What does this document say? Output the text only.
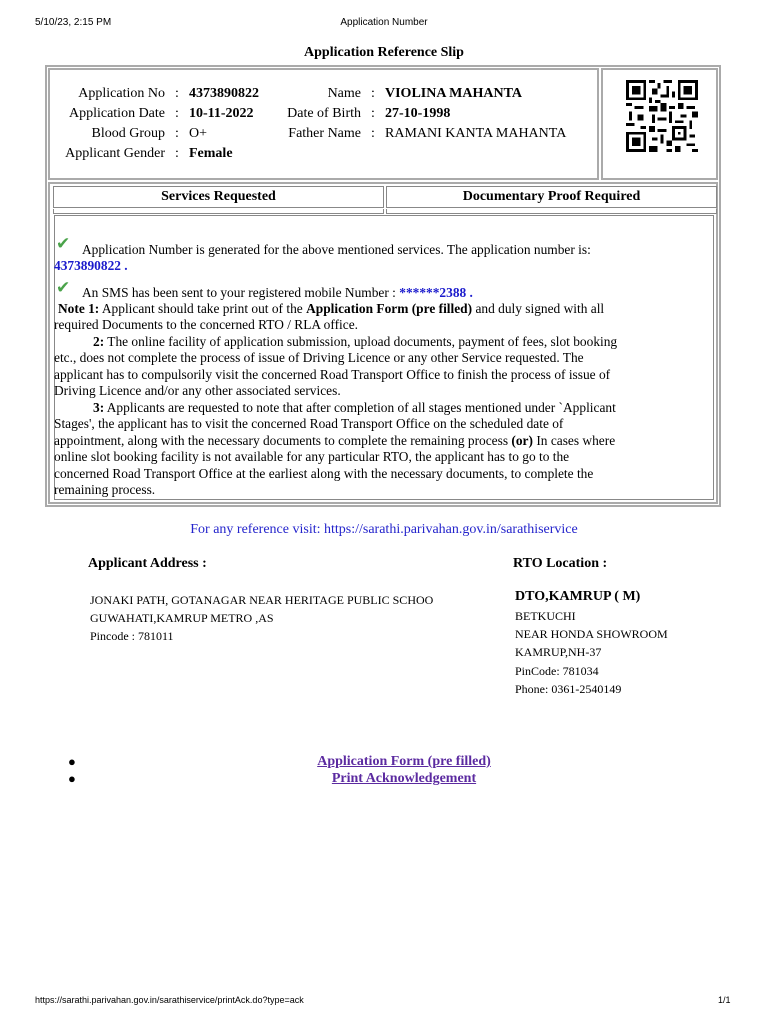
5/10/23, 2:15 PM	Application Number
Application Reference Slip
Application No : 4373890822
Application Date : 10-11-2022
Blood Group : O+
Applicant Gender : Female
Name : VIOLINA MAHANTA
Date of Birth : 27-10-1998
Father Name : RAMANI KANTA MAHANTA
Services Requested	Documentary Proof Required
✔ Application Number is generated for the above mentioned services. The application number is:
4373890822 .
✔ An SMS has been sent to your registered mobile Number : ******2388 .
Note 1: Applicant should take print out of the Application Form (pre filled) and duly signed with all
required Documents to the concerned RTO / RLA office.
2: The online facility of application submission, upload documents, payment of fees, slot booking
etc., does not complete the process of issue of Driving Licence or any other Service requested. The
applicant has to compulsorily visit the concerned Road Transport Office to finish the process of issue of
Driving Licence and/or any other associated services.
3: Applicants are requested to note that after completion of all stages mentioned under `Applicant
Stages', the applicant has to visit the concerned Road Transport Office on the scheduled date of
appointment, along with the necessary documents to complete the remaining process (or) In cases where
online slot booking facility is not available for any particular RTO, the applicant has to go to the
concerned Road Transport Office at the earliest along with the necessary documents, to complete the
remaining process.
For any reference visit: https://sarathi.parivahan.gov.in/sarathiservice
Applicant Address :
JONAKI PATH, GOTANAGAR NEAR HERITAGE PUBLIC SCHOO
GUWAHATI,KAMRUP METRO ,AS
Pincode : 781011
RTO Location :
DTO,KAMRUP ( M)
BETKUCHI
NEAR HONDA SHOWROOM
KAMRUP,NH-37
PinCode: 781034
Phone: 0361-2540149
●	Application Form (pre filled)
●	Print Acknowledgement
https://sarathi.parivahan.gov.in/sarathiservice/printAck.do?type=ack	1/1
